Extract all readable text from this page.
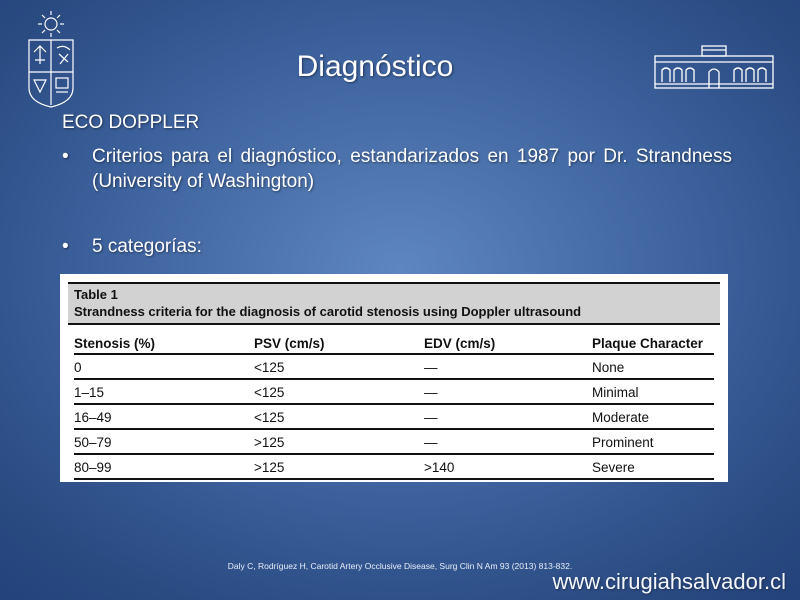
Diagnóstico
ECO DOPPLER
• Criterios para el diagnóstico, estandarizados en 1987 por Dr. Strandness (University of Washington)
• 5 categorías:
Table 1
Strandness criteria for the diagnosis of carotid stenosis using Doppler ultrasound
Stenosis (%)	PSV (cm/s)	EDV (cm/s)	Plaque Character
0	<125	—	None
1–15	<125	—	Minimal
16–49	<125	—	Moderate
50–79	>125	—	Prominent
80–99	>125	>140	Severe
Daly C, Rodríguez H, Carotid Artery Occlusive Disease, Surg Clin N Am 93 (2013) 813-832.
www.cirugiahsalvador.cl
